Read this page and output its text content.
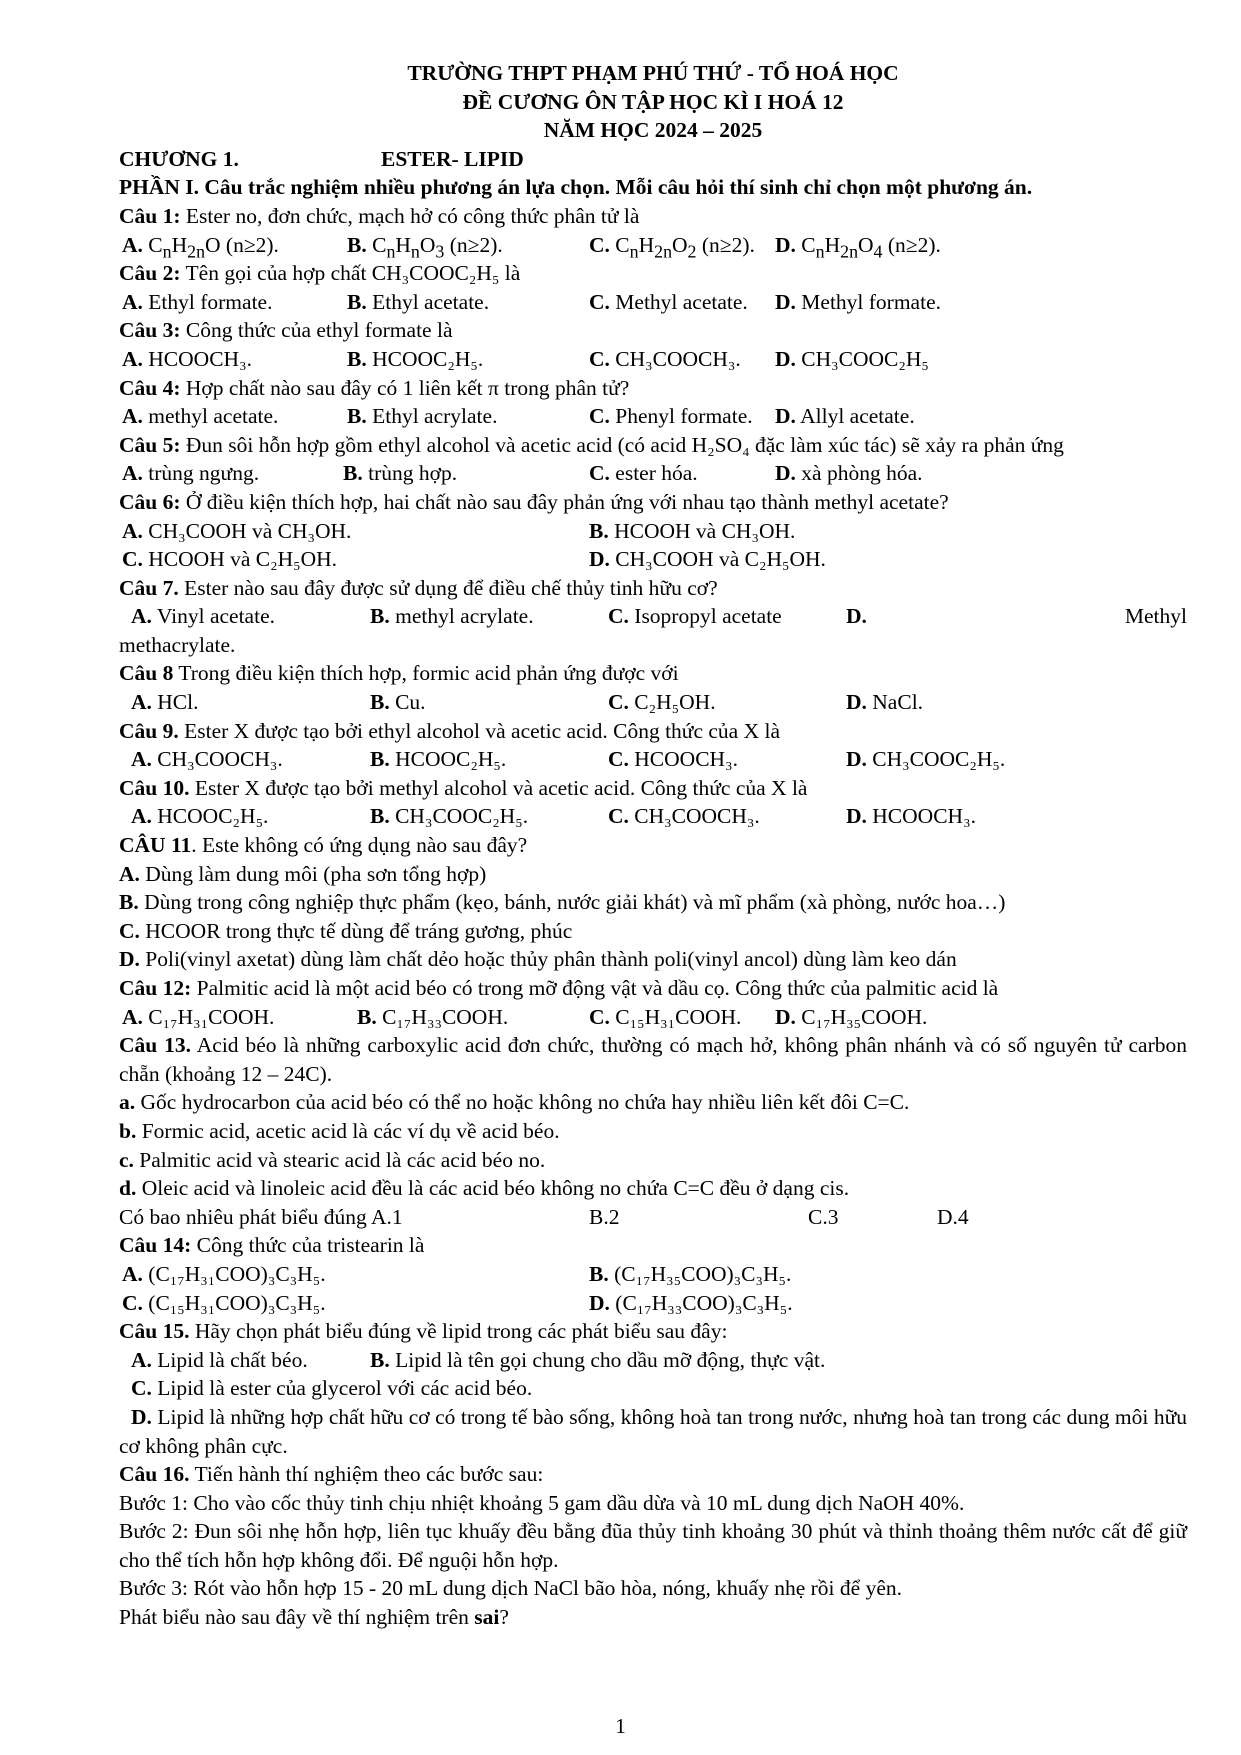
TRƯỜNG THPT PHẠM PHÚ THỨ - TỔ HOÁ HỌC
ĐỀ CƯƠNG ÔN TẬP HỌC KÌ I HOÁ 12
NĂM HỌC 2024 – 2025
CHƯƠNG 1.	ESTER- LIPID
PHẦN I. Câu trắc nghiệm nhiều phương án lựa chọn. Mỗi câu hỏi thí sinh chỉ chọn một phương án.
Câu 1: Ester no, đơn chức, mạch hở có công thức phân tử là
A. $C_nH_{2n}O$ (n≥2).	B. $C_nH_nO_3$ (n≥2).	C. $C_nH_{2n}O_2$ (n≥2). D. $C_nH_{2n}O_4$ (n≥2).
Câu 2: Tên gọi của hợp chất CH₃COOC₂H₅ là
A. Ethyl formate.	B. Ethyl acetate.	C. Methyl acetate. D. Methyl formate.
Câu 3: Công thức của ethyl formate là
A. HCOOCH₃.	B. HCOOC₂H₅.	C. CH₃COOCH₃. D. CH₃COOC₂H₅
Câu 4: Hợp chất nào sau đây có 1 liên kết π trong phân tử?
A. methyl acetate.	B. Ethyl acrylate.	C. Phenyl formate. D. Allyl acetate.
Câu 5: Đun sôi hỗn hợp gồm ethyl alcohol và acetic acid (có acid H₂SO₄ đặc làm xúc tác) sẽ xảy ra phản ứng
A. trùng ngưng.	B. trùng hợp.	C. ester hóa.	D. xà phòng hóa.
Câu 6: Ở điều kiện thích hợp, hai chất nào sau đây phản ứng với nhau tạo thành methyl acetate?
A. CH₃COOH và CH₃OH.	B. HCOOH và CH₃OH.
C. HCOOH và C₂H₅OH.	D. CH₃COOH và C₂H₅OH.
Câu 7. Ester nào sau đây được sử dụng để điều chế thủy tinh hữu cơ?
A. Vinyl acetate.	B. methyl acrylate.	C. Isopropyl acetate	D.	Methyl
methacrylate.
Câu 8 Trong điều kiện thích hợp, formic acid phản ứng được với
A. HCl.	B. Cu.	C. C₂H₅OH.	D. NaCl.
Câu 9. Ester X được tạo bởi ethyl alcohol và acetic acid. Công thức của X là
A. CH₃COOCH₃.	B. HCOOC₂H₅.	C. HCOOCH₃.	D. CH₃COOC₂H₅.
Câu 10. Ester X được tạo bởi methyl alcohol và acetic acid. Công thức của X là
A. HCOOC₂H₅.	B. CH₃COOC₂H₅.	C. CH₃COOCH₃.	D. HCOOCH₃.
CÂU 11. Este không có ứng dụng nào sau đây?
A. Dùng làm dung môi (pha sơn tổng hợp)
B. Dùng trong công nghiệp thực phẩm (kẹo, bánh, nước giải khát) và mĩ phẩm (xà phòng, nước hoa…)
C. HCOOR trong thực tế dùng để tráng gương, phúc
D. Poli(vinyl axetat) dùng làm chất dẻo hoặc thủy phân thành poli(vinyl ancol) dùng làm keo dán
Câu 12: Palmitic acid là một acid béo có trong mỡ động vật và dầu cọ. Công thức của palmitic acid là
A. C₁₇H₃₁COOH.	B. C₁₇H₃₃COOH.	C. C₁₅H₃₁COOH. D. C₁₇H₃₅COOH.
Câu 13. Acid béo là những carboxylic acid đơn chức, thường có mạch hở, không phân nhánh và có số nguyên tử carbon chẵn (khoảng 12 – 24C).
a. Gốc hydrocarbon của acid béo có thể no hoặc không no chứa hay nhiều liên kết đôi C=C.
b. Formic acid, acetic acid là các ví dụ về acid béo.
c. Palmitic acid và stearic acid là các acid béo no.
d. Oleic acid và linoleic acid đều là các acid béo không no chứa C=C đều ở dạng cis.
Có bao nhiêu phát biểu đúng A.1	B.2	C.3	D.4
Câu 14: Công thức của tristearin là
A. (C₁₇H₃₁COO)₃C₃H₅.	B. (C₁₇H₃₅COO)₃C₃H₅.
C. (C₁₅H₃₁COO)₃C₃H₅.	D. (C₁₇H₃₃COO)₃C₃H₅.
Câu 15. Hãy chọn phát biểu đúng về lipid trong các phát biểu sau đây:
A. Lipid là chất béo.	B. Lipid là tên gọi chung cho dầu mỡ động, thực vật.
C. Lipid là ester của glycerol với các acid béo.
D. Lipid là những hợp chất hữu cơ có trong tế bào sống, không hoà tan trong nước, nhưng hoà tan trong các dung môi hữu cơ không phân cực.
Câu 16. Tiến hành thí nghiệm theo các bước sau:
Bước 1: Cho vào cốc thủy tinh chịu nhiệt khoảng 5 gam dầu dừa và 10 mL dung dịch NaOH 40%.
Bước 2: Đun sôi nhẹ hỗn hợp, liên tục khuấy đều bằng đũa thủy tinh khoảng 30 phút và thỉnh thoảng thêm nước cất để giữ cho thể tích hỗn hợp không đổi. Để nguội hỗn hợp.
Bước 3: Rót vào hỗn hợp 15 - 20 mL dung dịch NaCl bão hòa, nóng, khuấy nhẹ rồi để yên.
Phát biểu nào sau đây về thí nghiệm trên sai?
1
